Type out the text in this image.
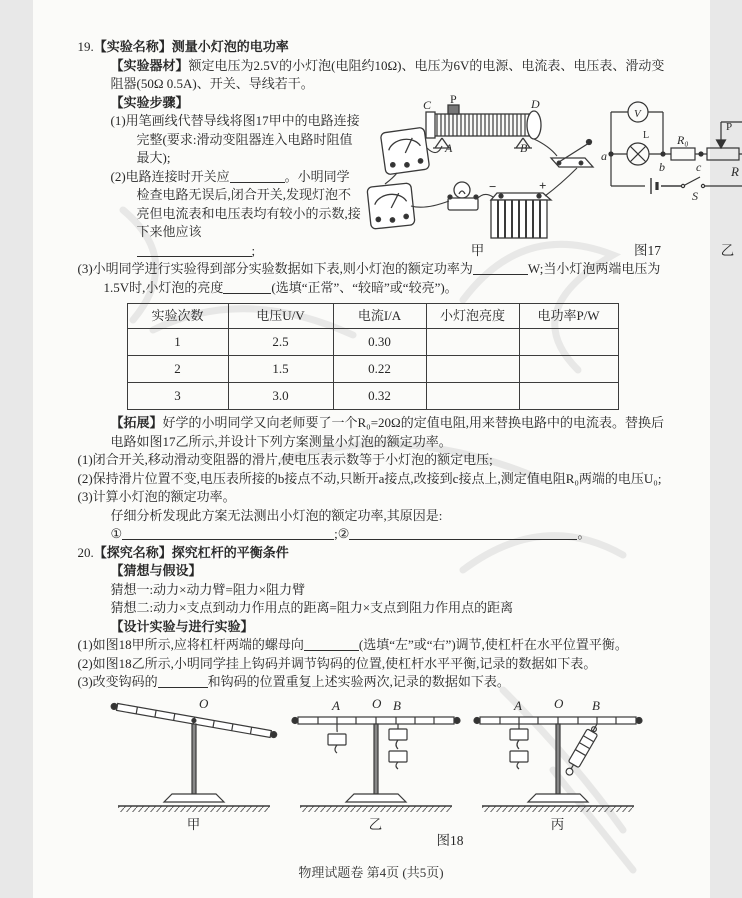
19.【实验名称】测量小灯泡的电功率
【实验器材】额定电压为2.5V的小灯泡(电阻约10Ω)、电压为6V的电源、电流表、电压表、滑动变阻器(50Ω 0.5A)、开关、导线若干。
【实验步骤】
(1)用笔画线代替导线将图17甲中的电路连接完整(要求:滑动变阻器连入电路时阻值最大);
(2)电路连接时开关应	。小明同学检查电路无误后,闭合开关,发现灯泡不亮但电流表和电压表均有较小的示数,接下来他应该
;
C P	D
A	B
−	+
V
L R₀
P
a
b	c R
S
甲	图17	乙
(3)小明同学进行实验得到部分实验数据如下表,则小灯泡的额定功率为	W;当小灯泡两端电压为1.5V时,小灯泡的亮度	(选填“正常”、“较暗”或“较亮”)。
实验次数	电压U/V	电流I/A	小灯泡亮度	电功率P/W
1	2.5	0.30		
2	1.5	0.22		
3	3.0	0.32		
【拓展】好学的小明同学又向老师要了一个R₀=20Ω的定值电阻,用来替换电路中的电流表。替换后电路如图17乙所示,并设计下列方案测量小灯泡的额定功率。
(1)闭合开关,移动滑动变阻器的滑片,使电压表示数等于小灯泡的额定电压;
(2)保持滑片位置不变,电压表所接的b接点不动,只断开a接点,改接到c接点上,测定值电阻R₀两端的电压U₀;
(3)计算小灯泡的额定功率。
仔细分析发现此方案无法测出小灯泡的额定功率,其原因是:
①	;②	。
20.【探究名称】探究杠杆的平衡条件
【猜想与假设】
猜想一:动力×动力臂=阻力×阻力臂
猜想二:动力×支点到动力作用点的距离=阻力×支点到阻力作用点的距离
【设计实验与进行实验】
(1)如图18甲所示,应将杠杆两端的螺母向	(选填“左”或“右”)调节,使杠杆在水平位置平衡。
(2)如图18乙所示,小明同学挂上钩码并调节钩码的位置,使杠杆水平平衡,记录的数据如下表。
(3)改变钩码的	和钩码的位置重复上述实验两次,记录的数据如下表。
O	A O B	A O B
甲	乙	丙
图18
物理试题卷 第4页 (共5页)
